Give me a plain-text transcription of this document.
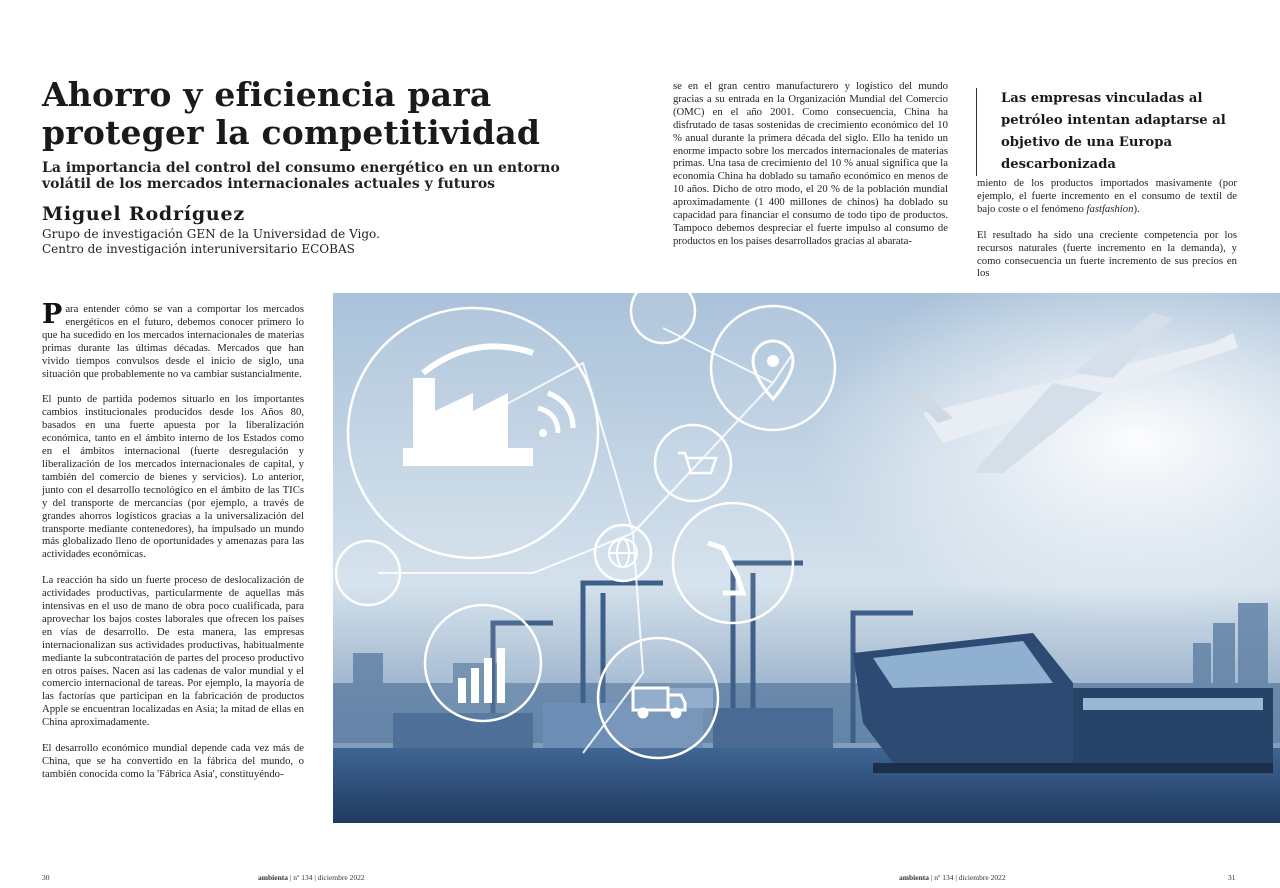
Ahorro y eficiencia para proteger la competitividad
La importancia del control del consumo energético en un entorno volátil de los mercados internacionales actuales y futuros
Miguel Rodríguez
Grupo de investigación GEN de la Universidad de Vigo.
Centro de investigación interuniversitario ECOBAS

Para entender cómo se van a comportar los mercados energéticos en el futuro, debemos conocer primero lo que ha sucedido en los mercados internacionales de materias primas durante las últimas décadas. Mercados que han vivido tiempos convulsos desde el inicio de siglo, una situación que probablemente no va cambiar sustancialmente.

El punto de partida podemos situarlo en los importantes cambios institucionales producidos desde los Años 80, basados en una fuerte apuesta por la liberalización económica, tanto en el ámbito interno de los Estados como en el ámbitos internacional (fuerte desregulación y liberalización de los mercados internacionales de capital, y también del comercio de bienes y servicios). Lo anterior, junto con el desarrollo tecnológico en el ámbito de las TICs y del transporte de mercancías (por ejemplo, a través de grandes ahorros logísticos gracias a la universalización del transporte mediante contenedores), ha impulsado un mundo más globalizado lleno de oportunidades y amenazas para las actividades económicas.

La reacción ha sido un fuerte proceso de deslocalización de actividades productivas, particularmente de aquellas más intensivas en el uso de mano de obra poco cualificada, para aprovechar los bajos costes laborales que ofrecen los países en vías de desarrollo. De esta manera, las empresas internacionalizan sus actividades productivas, habitualmente mediante la subcontratación de partes del proceso productivo en otros países. Nacen así las cadenas de valor mundial y el comercio internacional de tareas. Por ejemplo, la mayoría de las factorías que participan en la fabricación de productos Apple se encuentran localizadas en Asia; la mitad de ellas en China aproximadamente.

El desarrollo económico mundial depende cada vez más de China, que se ha convertido en la fábrica del mundo, o también conocida como la 'Fábrica Asia', constituyéndo-

se en el gran centro manufacturero y logístico del mundo gracias a su entrada en la Organización Mundial del Comercio (OMC) en el año 2001. Como consecuencia, China ha disfrutado de tasas sostenidas de crecimiento económico del 10 % anual durante la primera década del siglo. Ello ha tenido un enorme impacto sobre los mercados internacionales de materias primas. Una tasa de crecimiento del 10 % anual significa que la economía China ha doblado su tamaño económico en menos de 10 años. Dicho de otro modo, el 20 % de la población mundial aproximadamente (1 400 millones de chinos) ha doblado su capacidad para financiar el consumo de todo tipo de productos. Tampoco debemos despreciar el fuerte impulso al consumo de productos en los países desarrollados gracias al abarata-

Las empresas vinculadas al petróleo intentan adaptarse al objetivo de una Europa descarbonizada

miento de los productos importados masivamente (por ejemplo, el fuerte incremento en el consumo de textil de bajo coste o el fenómeno fastfashion).

El resultado ha sido una creciente competencia por los recursos naturales (fuerte incremento en la demanda), y como consecuencia un fuerte incremento de sus precios en los

30	ambienta | nº 134 | diciembre 2022	ambienta | nº 134 | diciembre 2022	31
